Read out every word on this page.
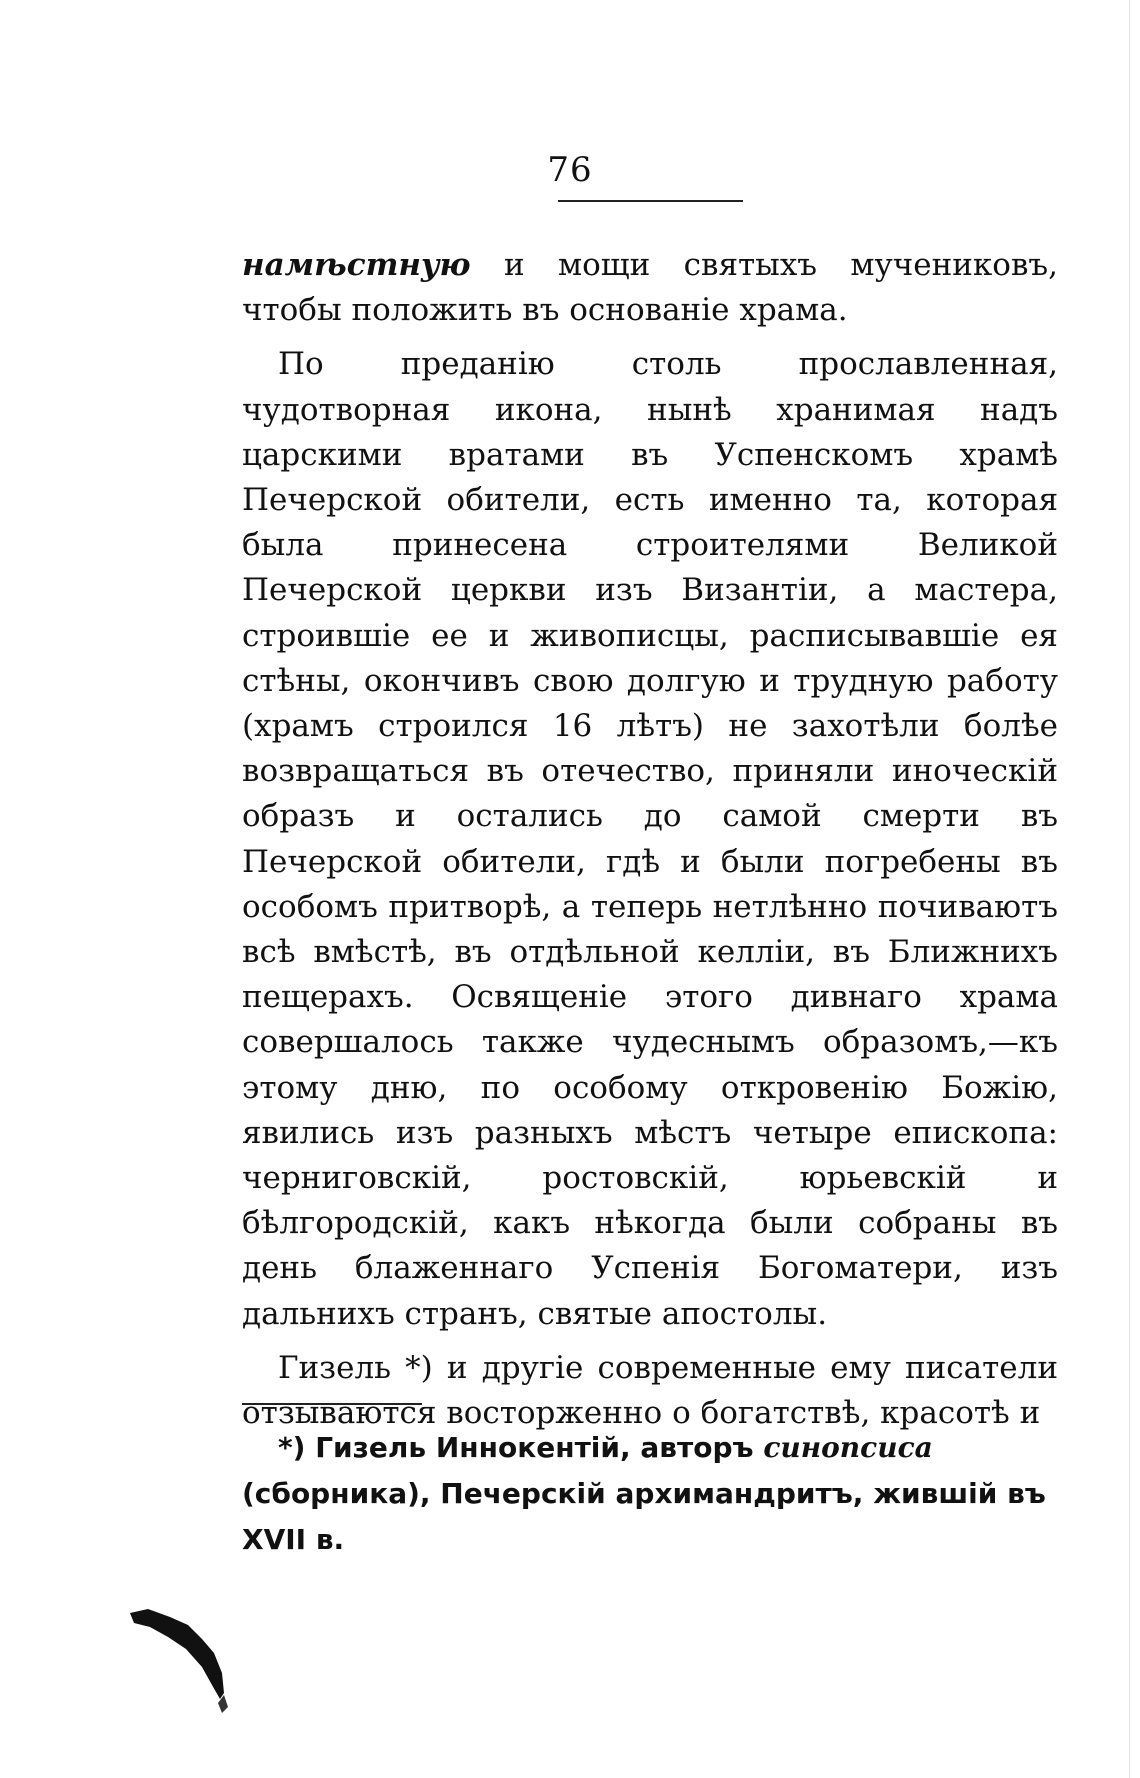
76

намѣстную и мощи святыхъ мучениковъ, чтобы положить въ основаніе храма.

По преданію столь прославленная, чудотворная икона, нынѣ хранимая надъ царскими вратами въ Успенскомъ храмѣ Печерской обители, есть именно та, которая была принесена строителями Великой Печерской церкви изъ Византіи, а мастера, строившіе ее и живописцы, расписывавшіе ея стѣны, окончивъ свою долгую и трудную работу (храмъ строился 16 лѣтъ) не захотѣли болѣе возвращаться въ отечество, приняли иноческій образъ и остались до самой смерти въ Печерской обители, гдѣ и были погребены въ особомъ притворѣ, а теперь нетлѣнно почиваютъ всѣ вмѣстѣ, въ отдѣльной келліи, въ Ближнихъ пещерахъ. Освященіе этого дивнаго храма совершалось также чудеснымъ образомъ,—къ этому дню, по особому откровенію Божію, явились изъ разныхъ мѣстъ четыре епископа: черниговскій, ростовскій, юрьевскій и бѣлгородскій, какъ нѣкогда были собраны въ день блаженнаго Успенія Богоматери, изъ дальнихъ странъ, святые апостолы.

Гизель *) и другіе современные ему писатели отзываются восторженно о богатствѣ, красотѣ и

*) Гизель Иннокентій, авторъ синопсиса (сборника), Печерскій архимандритъ, жившій въ XVII в.
